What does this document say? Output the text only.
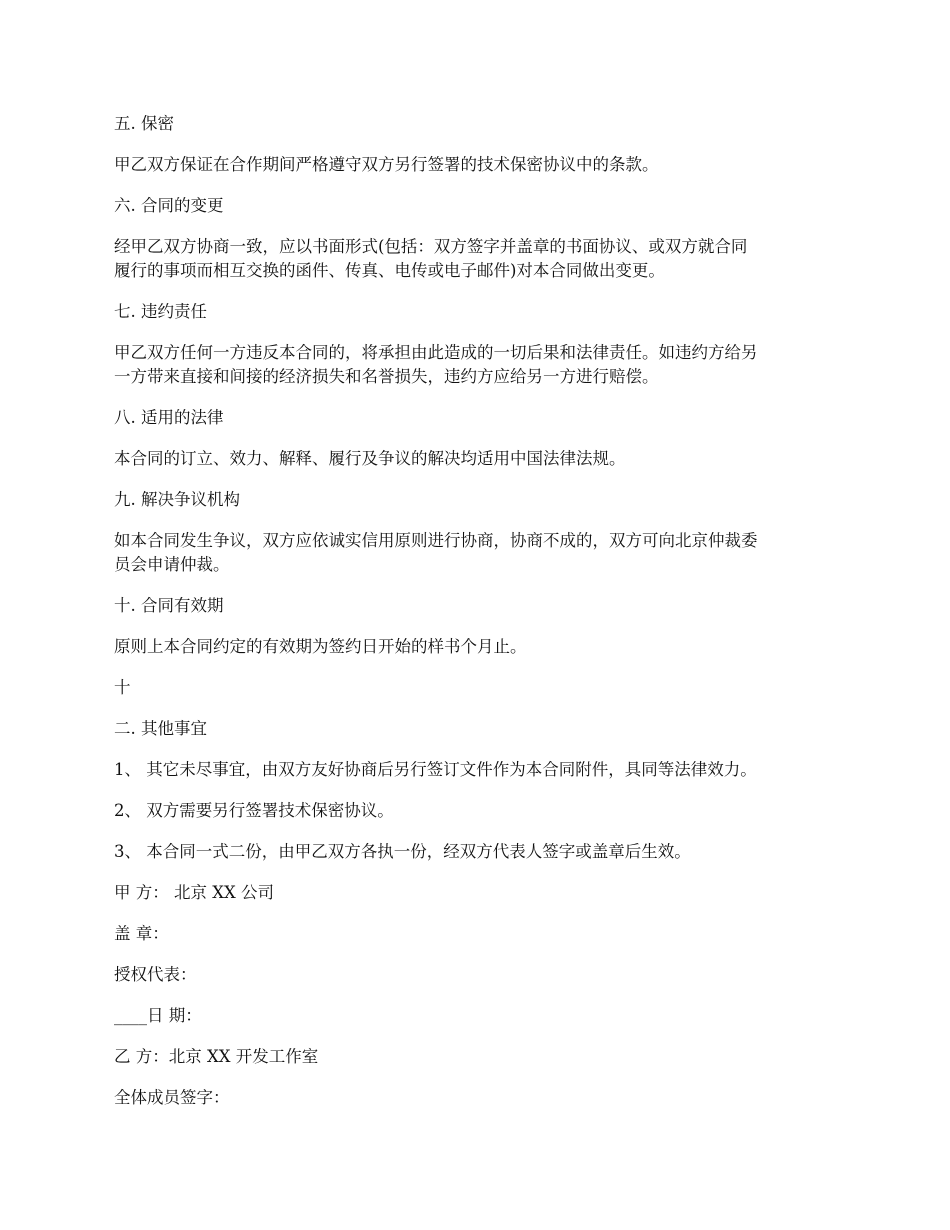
五. 保密
甲乙双方保证在合作期间严格遵守双方另行签署的技术保密协议中的条款。
六. 合同的变更
经甲乙双方协商一致，应以书面形式(包括：双方签字并盖章的书面协议、或双方就合同
履行的事项而相互交换的函件、传真、电传或电子邮件)对本合同做出变更。
七. 违约责任
甲乙双方任何一方违反本合同的，将承担由此造成的一切后果和法律责任。如违约方给另
一方带来直接和间接的经济损失和名誉损失，违约方应给另一方进行赔偿。
八. 适用的法律
本合同的订立、效力、解释、履行及争议的解决均适用中国法律法规。
九. 解决争议机构
如本合同发生争议，双方应依诚实信用原则进行协商，协商不成的，双方可向北京仲裁委
员会申请仲裁。
十. 合同有效期
原则上本合同约定的有效期为签约日开始的样书个月止。
十
二. 其他事宜
1、 其它未尽事宜，由双方友好协商后另行签订文件作为本合同附件，具同等法律效力。
2、 双方需要另行签署技术保密协议。
3、 本合同一式二份，由甲乙双方各执一份，经双方代表人签字或盖章后生效。
甲 方： 北京 XX 公司
盖 章：
授权代表：
____日 期：
乙 方：北京 XX 开发工作室
全体成员签字：
